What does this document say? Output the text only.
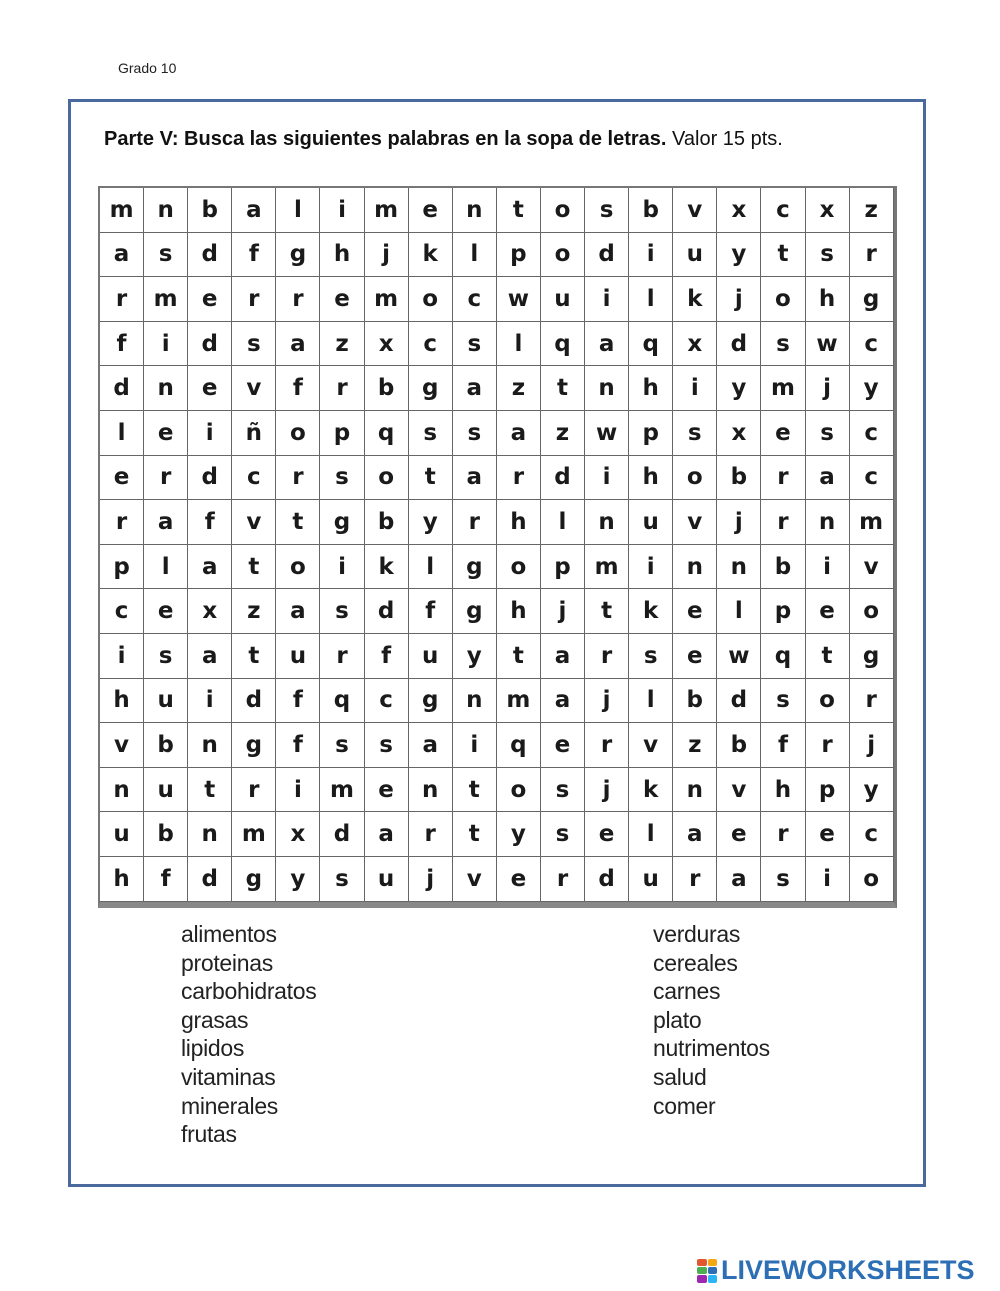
Grado 10
Parte V: Busca las siguientes palabras en la sopa de letras. Valor 15 pts.
m	n	b	a	l	i	m	e	n	t	o	s	b	v	x	c	x	z
a	s	d	f	g	h	j	k	l	p	o	d	i	u	y	t	s	r
r	m	e	r	r	e	m	o	c	w	u	i	l	k	j	o	h	g
f	i	d	s	a	z	x	c	s	l	q	a	q	x	d	s	w	c
d	n	e	v	f	r	b	g	a	z	t	n	h	i	y	m	j	y
l	e	i	ñ	o	p	q	s	s	a	z	w	p	s	x	e	s	c
e	r	d	c	r	s	o	t	a	r	d	i	h	o	b	r	a	c
r	a	f	v	t	g	b	y	r	h	l	n	u	v	j	r	n	m
p	l	a	t	o	i	k	l	g	o	p	m	i	n	n	b	i	v
c	e	x	z	a	s	d	f	g	h	j	t	k	e	l	p	e	o
i	s	a	t	u	r	f	u	y	t	a	r	s	e	w	q	t	g
h	u	i	d	f	q	c	g	n	m	a	j	l	b	d	s	o	r
v	b	n	g	f	s	s	a	i	q	e	r	v	z	b	f	r	j
n	u	t	r	i	m	e	n	t	o	s	j	k	n	v	h	p	y
u	b	n	m	x	d	a	r	t	y	s	e	l	a	e	r	e	c
h	f	d	g	y	s	u	j	v	e	r	d	u	r	a	s	i	o
alimentos
proteinas
carbohidratos
grasas
lipidos
vitaminas
minerales
frutas
verduras
cereales
carnes
plato
nutrimentos
salud
comer
LIVEWORKSHEETS
